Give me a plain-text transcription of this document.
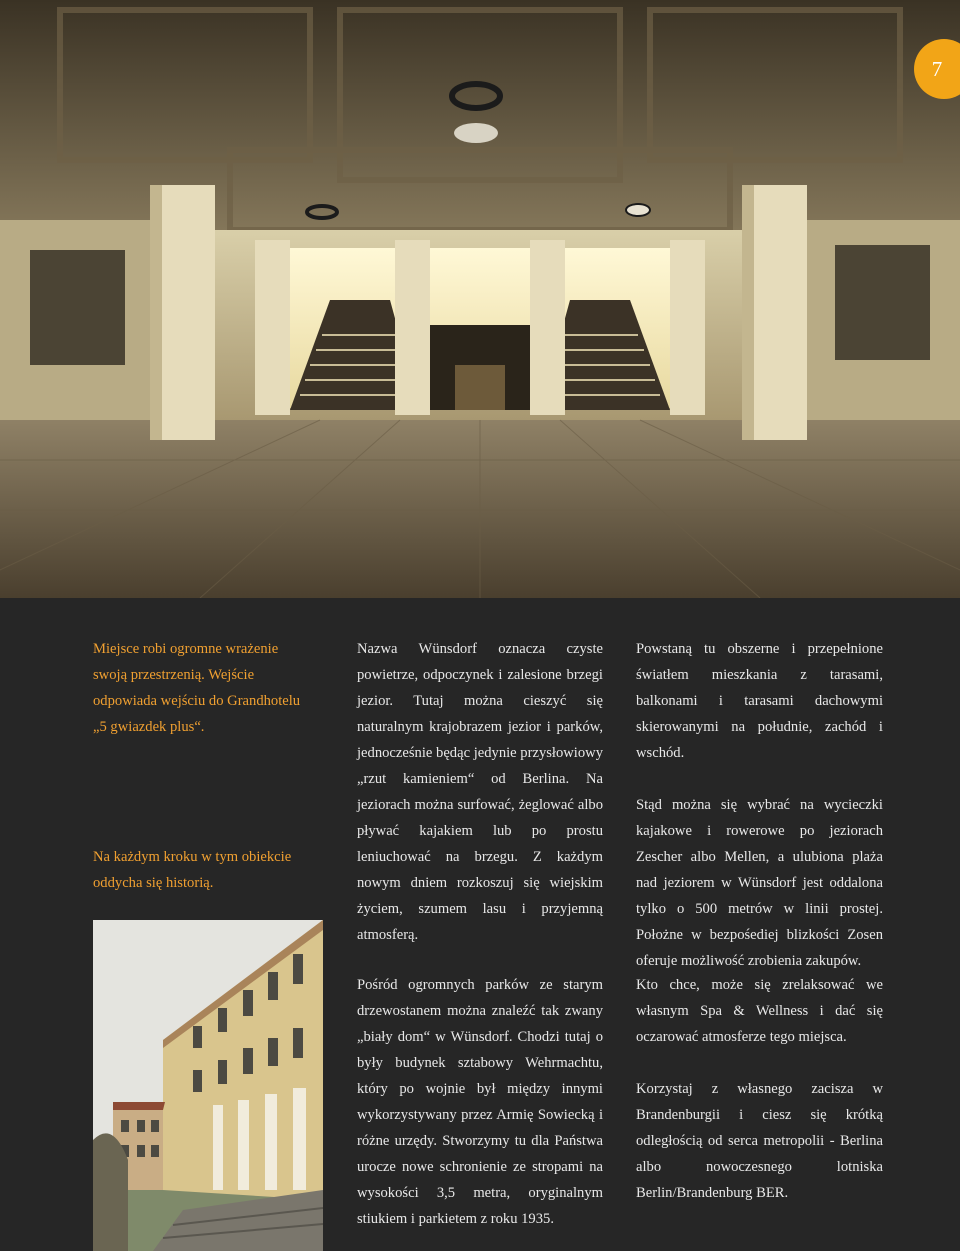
7

Miejsce robi ogromne wrażenie swoją przestrzenią. Wejście odpowiada wejściu do Grandhotelu „5 gwiazdek plus“.

Na każdym kroku w tym obiekcie oddycha się historią.

Nazwa Wünsdorf oznacza czyste powietrze, odpoczynek i zalesione brzegi jezior. Tutaj można cieszyć się naturalnym krajobrazem jezior i parków, jednocześnie będąc jedynie przysłowiowy „rzut kamieniem“ od Berlina. Na jeziorach można surfować, żeglować albo pływać kajakiem lub po prostu leniuchować na brzegu. Z każdym nowym dniem rozkoszuj się wiejskim życiem, szumem lasu i przyjemną atmosferą.

Pośród ogromnych parków ze starym drzewostanem można znaleźć tak zwany „biały dom“ w Wünsdorf. Chodzi tutaj o były budynek sztabowy Wehrmachtu, który po wojnie był między innymi wykorzystywany przez Armię Sowiecką i różne urzędy. Stworzymy tu dla Państwa urocze nowe schronienie ze stropami na wysokości 3,5 metra, oryginalnym stiukiem i parkietem z roku 1935.

Powstaną tu obszerne i przepełnione światłem mieszkania z tarasami, balkonami i tarasami dachowymi skierowanymi na południe, zachód i wschód.

Stąd można się wybrać na wycieczki kajakowe i rowerowe po jeziorach Zescher albo Mellen, a ulubiona plaża nad jeziorem w Wünsdorf jest oddalona tylko o 500 metrów w linii prostej. Położne w bezpośediej blizkości Zosen oferuje możliwość zrobienia zakupów.

Kto chce, może się zrelaksować we własnym Spa & Wellness i dać się oczarować atmosferze tego miejsca.

Korzystaj z własnego zacisza w Brandenburgii i ciesz się krótką odległością od serca metropolii - Berlina albo nowoczesnego lotniska Berlin/Brandenburg BER.
